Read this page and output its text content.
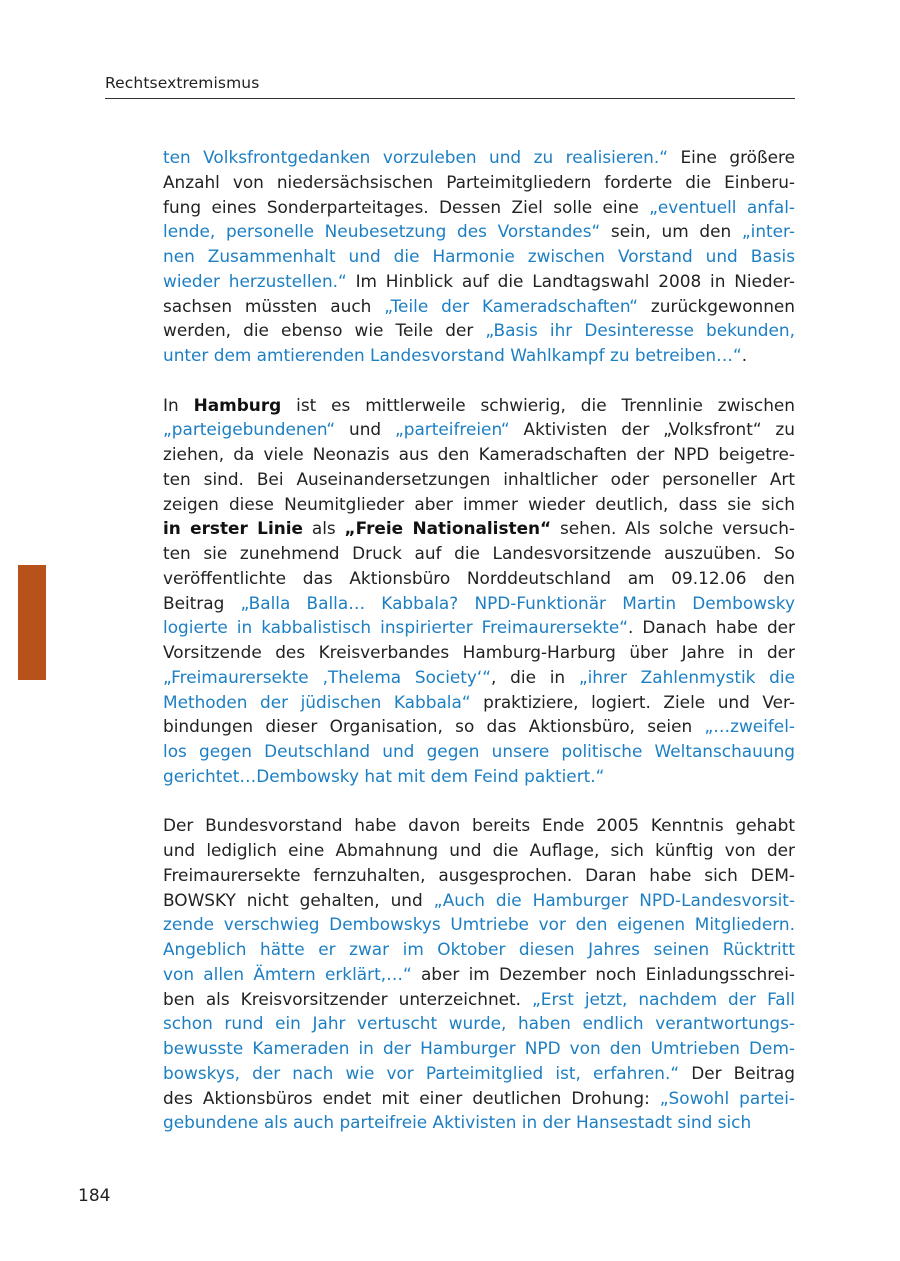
Rechtsextremismus
ten Volksfrontgedanken vorzuleben und zu realisieren.“ Eine größere
Anzahl von niedersächsischen Parteimitgliedern forderte die Einberu-
fung eines Sonderparteitages. Dessen Ziel solle eine „eventuell anfal-
lende, personelle Neubesetzung des Vorstandes“ sein, um den „inter-
nen Zusammenhalt und die Harmonie zwischen Vorstand und Basis
wieder herzustellen.“ Im Hinblick auf die Landtagswahl 2008 in Nieder-
sachsen müssten auch „Teile der Kameradschaften“ zurückgewonnen
werden, die ebenso wie Teile der „Basis ihr Desinteresse bekunden,
unter dem amtierenden Landesvorstand Wahlkampf zu betreiben…“.
In Hamburg ist es mittlerweile schwierig, die Trennlinie zwischen
„parteigebundenen“ und „parteifreien“ Aktivisten der „Volksfront“ zu
ziehen, da viele Neonazis aus den Kameradschaften der NPD beigetre-
ten sind. Bei Auseinandersetzungen inhaltlicher oder personeller Art
zeigen diese Neumitglieder aber immer wieder deutlich, dass sie sich
in erster Linie als „Freie Nationalisten“ sehen. Als solche versuch-
ten sie zunehmend Druck auf die Landesvorsitzende auszuüben. So
veröffentlichte das Aktionsbüro Norddeutschland am 09.12.06 den
Beitrag „Balla Balla… Kabbala? NPD-Funktionär Martin Dembowsky
logierte in kabbalistisch inspirierter Freimaurersekte“. Danach habe der
Vorsitzende des Kreisverbandes Hamburg-Harburg über Jahre in der
„Freimaurersekte ‚Thelema Society‘“, die in „ihrer Zahlenmystik die
Methoden der jüdischen Kabbala“ praktiziere, logiert. Ziele und Ver-
bindungen dieser Organisation, so das Aktionsbüro, seien „…zweifel-
los gegen Deutschland und gegen unsere politische Weltanschauung
gerichtet…Dembowsky hat mit dem Feind paktiert.“
Der Bundesvorstand habe davon bereits Ende 2005 Kenntnis gehabt
und lediglich eine Abmahnung und die Auflage, sich künftig von der
Freimaurersekte fernzuhalten, ausgesprochen. Daran habe sich DEM-
BOWSKY nicht gehalten, und „Auch die Hamburger NPD-Landesvorsit-
zende verschwieg Dembowskys Umtriebe vor den eigenen Mitgliedern.
Angeblich hätte er zwar im Oktober diesen Jahres seinen Rücktritt
von allen Ämtern erklärt,…“ aber im Dezember noch Einladungsschrei-
ben als Kreisvorsitzender unterzeichnet. „Erst jetzt, nachdem der Fall
schon rund ein Jahr vertuscht wurde, haben endlich verantwortungs-
bewusste Kameraden in der Hamburger NPD von den Umtrieben Dem-
bowskys, der nach wie vor Parteimitglied ist, erfahren.“ Der Beitrag
des Aktionsbüros endet mit einer deutlichen Drohung: „Sowohl partei-
gebundene als auch parteifreie Aktivisten in der Hansestadt sind sich
184
